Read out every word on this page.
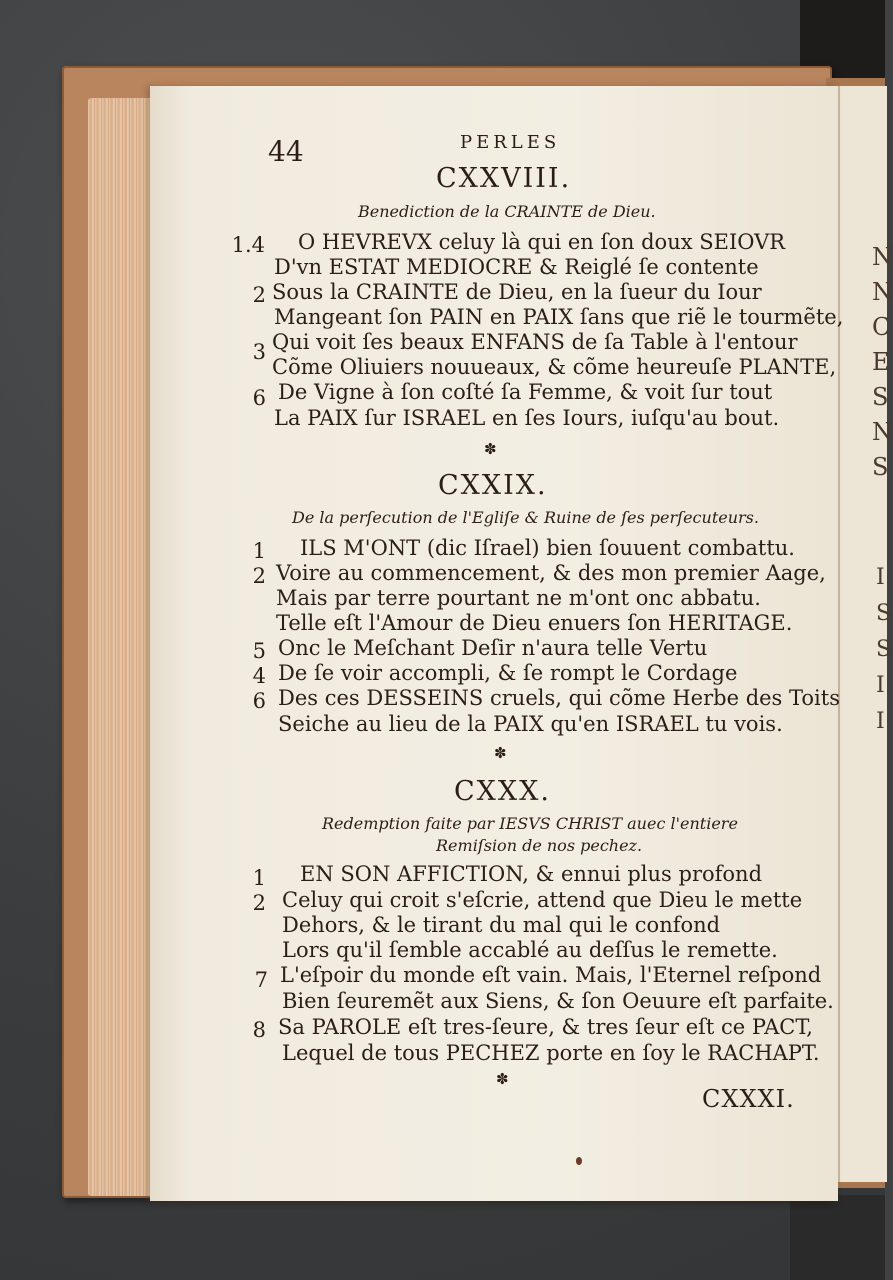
N
N
C
E
S
N
S
I
S
S
I
I
44	PERLES
CXXVIII.
Benediction de la CRAINTE de Dieu.
1.4 O HEVREVX celuy là qui en ſon doux SEIOVR
D'vn ESTAT MEDIOCRE & Reiglé ſe contente
2 Sous la CRAINTE de Dieu, en la ſueur du Iour
Mangeant ſon PAIN en PAIX ſans que riẽ le tourmẽte,
3 Qui voit ſes beaux ENFANS de ſa Table à l'entour
Cõme Oliuiers nouueaux, & cõme heureuſe PLANTE,
6 De Vigne à ſon coſté ſa Femme, & voit ſur tout
La PAIX ſur ISRAEL en ſes Iours, iuſqu'au bout.
✽
CXXIX.
De la perſecution de l'Egliſe & Ruine de ſes perſecuteurs.
1 ILS M'ONT (dic Iſrael) bien ſouuent combattu.
2 Voire au commencement, & des mon premier Aage,
Mais par terre pourtant ne m'ont onc abbatu.
Telle eſt l'Amour de Dieu enuers ſon HERITAGE.
5 Onc le Meſchant Deſir n'aura telle Vertu
4 De ſe voir accompli, & ſe rompt le Cordage
6 Des ces DESSEINS cruels, qui cõme Herbe des Toits
Seiche au lieu de la PAIX qu'en ISRAEL tu vois.
✽
CXXX.
Redemption faite par IESVS CHRIST auec l'entiere
Remiſsion de nos pechez.
1 EN SON AFFICTION, & ennui plus profond
2 Celuy qui croit s'eſcrie, attend que Dieu le mette
Dehors, & le tirant du mal qui le confond
Lors qu'il ſemble accablé au deſſus le remette.
7 L'eſpoir du monde eſt vain. Mais, l'Eternel reſpond
Bien ſeuremẽt aux Siens, & ſon Oeuure eſt parfaite.
8 Sa PAROLE eſt tres-ſeure, & tres ſeur eſt ce PACT,
Lequel de tous PECHEZ porte en ſoy le RACHAPT.
✽
CXXXI.
